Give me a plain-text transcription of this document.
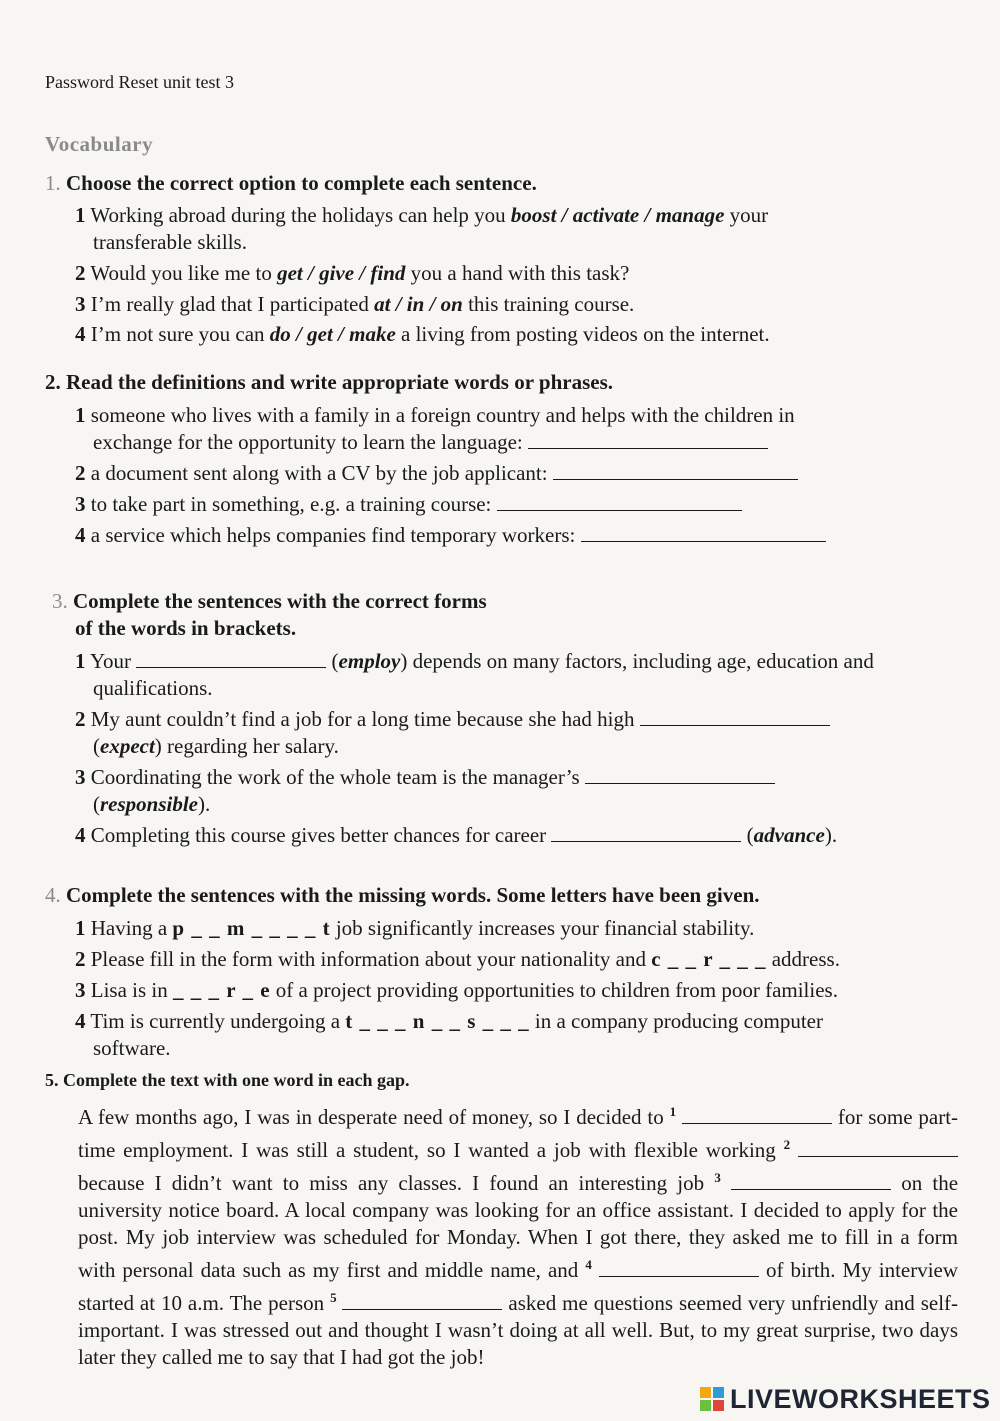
Password Reset unit test 3
Vocabulary
1. Choose the correct option to complete each sentence.
1 Working abroad during the holidays can help you boost / activate / manage your
transferable skills.
2 Would you like me to get / give / find you a hand with this task?
3 I’m really glad that I participated at / in / on this training course.
4 I’m not sure you can do / get / make a living from posting videos on the internet.
2. Read the definitions and write appropriate words or phrases.
1 someone who lives with a family in a foreign country and helps with the children in
exchange for the opportunity to learn the language:
2 a document sent along with a CV by the job applicant:
3 to take part in something, e.g. a training course:
4 a service which helps companies find temporary workers:
3. Complete the sentences with the correct forms
of the words in brackets.
1 Your	(employ) depends on many factors, including age, education and
qualifications.
2 My aunt couldn’t find a job for a long time because she had high
(expect) regarding her salary.
3 Coordinating the work of the whole team is the manager’s
(responsible).
4 Completing this course gives better chances for career	(advance).
4. Complete the sentences with the missing words. Some letters have been given.
1 Having a p _ _ m _ _ _ _ t job significantly increases your financial stability.
2 Please fill in the form with information about your nationality and c _ _ r _ _ _ address.
3 Lisa is in _ _ _ r _ e of a project providing opportunities to children from poor families.
4 Tim is currently undergoing a t _ _ _ n _ _ s _ _ _ in a company producing computer
software.
5. Complete the text with one word in each gap.
A few months ago, I was in desperate need of money, so I decided to $^1$	for some part-time employment. I was still a student, so I wanted a job with flexible working $^2$  because I didn’t want to miss any classes. I found an interesting job $^3$	on the university notice board. A local company was looking for an office assistant. I decided to apply for the post. My job interview was scheduled for Monday. When I got there, they asked me to fill in a form with personal data such as my first and middle name, and $^4$	of birth. My interview started at 10 a.m. The person $^5$	asked me questions seemed very unfriendly and self-important. I was stressed out and thought I wasn’t doing at all well. But, to my great surprise, two days later they called me to say that I had got the job!
LIVEWORKSHEETS
